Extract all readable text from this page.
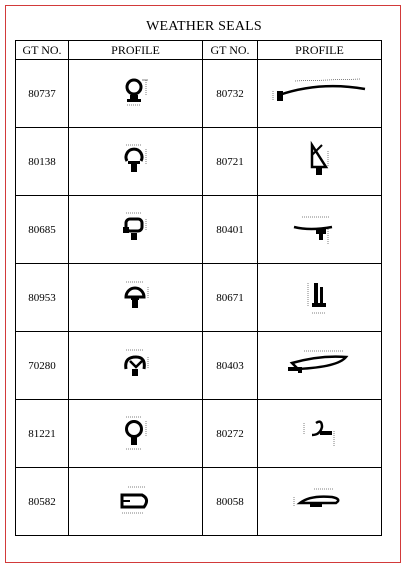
WEATHER SEALS
GT NO.	PROFILE	GT NO.	PROFILE
80737		80732	

80138		80721	

80685		80401	

80953		80671	

70280		80403	

81221		80272	

80582		80058	
